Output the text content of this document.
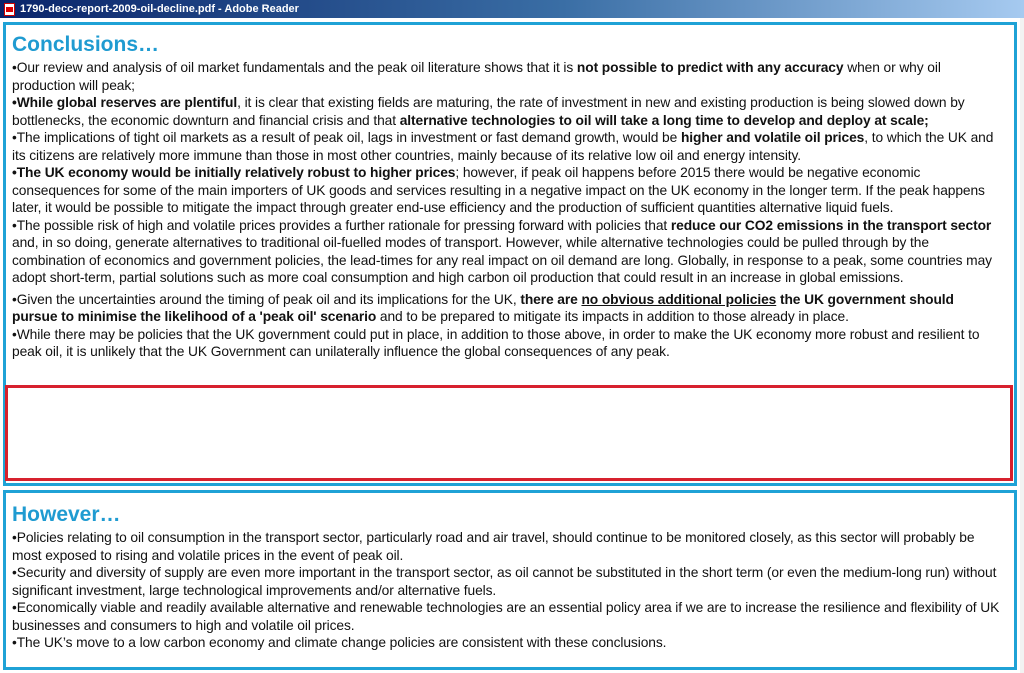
1790-decc-report-2009-oil-decline.pdf - Adobe Reader
Conclusions…

•Our review and analysis of oil market fundamentals and the peak oil literature shows that it is not possible to predict with any accuracy when or why oil production will peak;

•While global reserves are plentiful, it is clear that existing fields are maturing, the rate of investment in new and existing production is being slowed down by bottlenecks, the economic downturn and financial crisis and that alternative technologies to oil will take a long time to develop and deploy at scale;

•The implications of tight oil markets as a result of peak oil, lags in investment or fast demand growth, would be higher and volatile oil prices, to which the UK and its citizens are relatively more immune than those in most other countries, mainly because of its relative low oil and energy intensity.

•The UK economy would be initially relatively robust to higher prices; however, if peak oil happens before 2015 there would be negative economic consequences for some of the main importers of UK goods and services resulting in a negative impact on the UK economy in the longer term. If the peak happens later, it would be possible to mitigate the impact through greater end-use efficiency and the production of sufficient quantities alternative liquid fuels.

•The possible risk of high and volatile prices provides a further rationale for pressing forward with policies that reduce our CO2 emissions in the transport sector and, in so doing, generate alternatives to traditional oil-fuelled modes of transport. However, while alternative technologies could be pulled through by the combination of economics and government policies, the lead-times for any real impact on oil demand are long. Globally, in response to a peak, some countries may adopt short-term, partial solutions such as more coal consumption and high carbon oil production that could result in an increase in global emissions.

•Given the uncertainties around the timing of peak oil and its implications for the UK, there are no obvious additional policies the UK government should pursue to minimise the likelihood of a 'peak oil' scenario and to be prepared to mitigate its impacts in addition to those already in place.

•While there may be policies that the UK government could put in place, in addition to those above, in order to make the UK economy more robust and resilient to peak oil, it is unlikely that the UK Government can unilaterally influence the global consequences of any peak.

However…

•Policies relating to oil consumption in the transport sector, particularly road and air travel, should continue to be monitored closely, as this sector will probably be most exposed to rising and volatile prices in the event of peak oil.

•Security and diversity of supply are even more important in the transport sector, as oil cannot be substituted in the short term (or even the medium-long run) without significant investment, large technological improvements and/or alternative fuels.

•Economically viable and readily available alternative and renewable technologies are an essential policy area if we are to increase the resilience and flexibility of UK businesses and consumers to high and volatile oil prices.

•The UK’s move to a low carbon economy and climate change policies are consistent with these conclusions.
